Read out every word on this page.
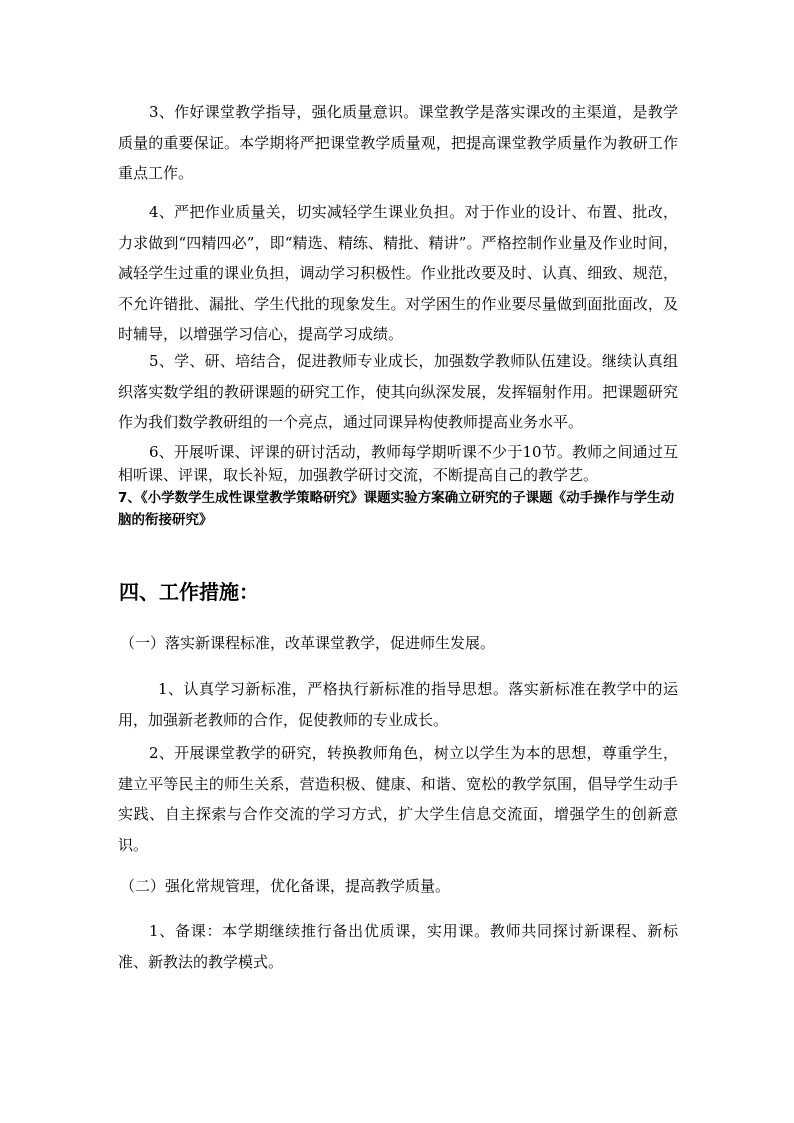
3、作好课堂教学指导，强化质量意识。课堂教学是落实课改的主渠道，是教学质量的重要保证。本学期将严把课堂教学质量观，把提高课堂教学质量作为教研工作重点工作。

4、严把作业质量关，切实减轻学生课业负担。对于作业的设计、布置、批改，力求做到“四精四必”，即“精选、精练、精批、精讲”。严格控制作业量及作业时间，减轻学生过重的课业负担，调动学习积极性。作业批改要及时、认真、细致、规范，不允许错批、漏批、学生代批的现象发生。对学困生的作业要尽量做到面批面改，及时辅导，以增强学习信心，提高学习成绩。

5、学、研、培结合，促进教师专业成长，加强数学教师队伍建设。继续认真组织落实数学组的教研课题的研究工作，使其向纵深发展，发挥辐射作用。把课题研究作为我们数学教研组的一个亮点，通过同课异构使教师提高业务水平。

6、开展听课、评课的研讨活动，教师每学期听课不少于10节。教师之间通过互相听课、评课，取长补短，加强教学研讨交流，不断提高自己的教学艺。

7、《小学数学生成性课堂教学策略研究》课题实验方案确立研究的子课题《动手操作与学生动脑的衔接研究》

四、工作措施：

（一）落实新课程标准，改革课堂教学，促进师生发展。

1、认真学习新标准，严格执行新标准的指导思想。落实新标准在教学中的运用，加强新老教师的合作，促使教师的专业成长。

2、开展课堂教学的研究，转换教师角色，树立以学生为本的思想，尊重学生，建立平等民主的师生关系，营造积极、健康、和谐、宽松的教学氛围，倡导学生动手实践、自主探索与合作交流的学习方式，扩大学生信息交流面，增强学生的创新意识。

（二）强化常规管理，优化备课，提高教学质量。

1、备课：本学期继续推行备出优质课，实用课。教师共同探讨新课程、新标准、新教法的教学模式。
